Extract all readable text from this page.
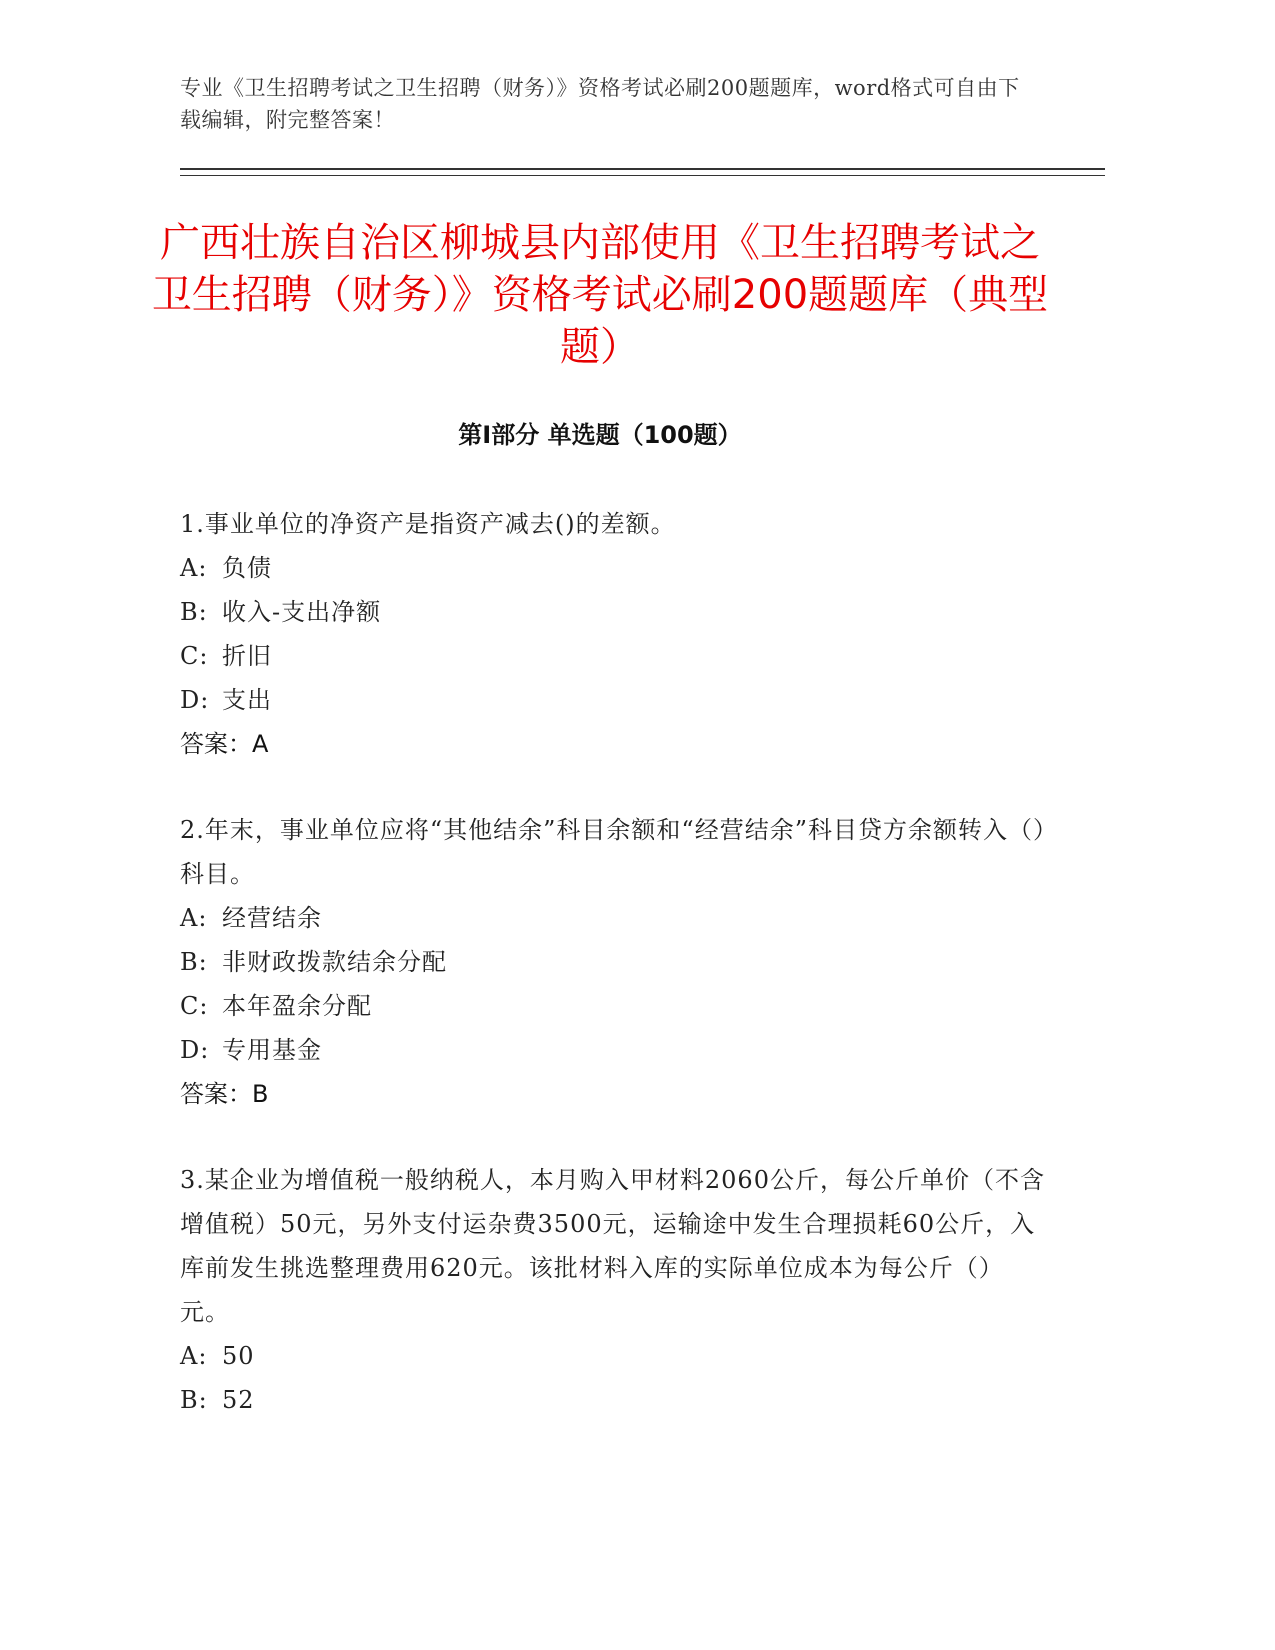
专业《卫生招聘考试之卫生招聘（财务）》资格考试必刷200题题库，word格式可自由下载编辑，附完整答案！
广西壮族自治区柳城县内部使用《卫生招聘考试之卫生招聘（财务）》资格考试必刷200题题库（典型题）
第Ⅰ部分 单选题（100题）
1.事业单位的净资产是指资产减去()的差额。
A: 负债
B: 收入-支出净额
C: 折旧
D: 支出
答案：A
2.年末，事业单位应将“其他结余”科目余额和“经营结余”科目贷方余额转入（）科目。
A: 经营结余
B: 非财政拨款结余分配
C: 本年盈余分配
D: 专用基金
答案：B
3.某企业为增值税一般纳税人，本月购入甲材料2060公斤，每公斤单价（不含增值税）50元，另外支付运杂费3500元，运输途中发生合理损耗60公斤，入库前发生挑选整理费用620元。该批材料入库的实际单位成本为每公斤（）元。
A: 50
B: 52
